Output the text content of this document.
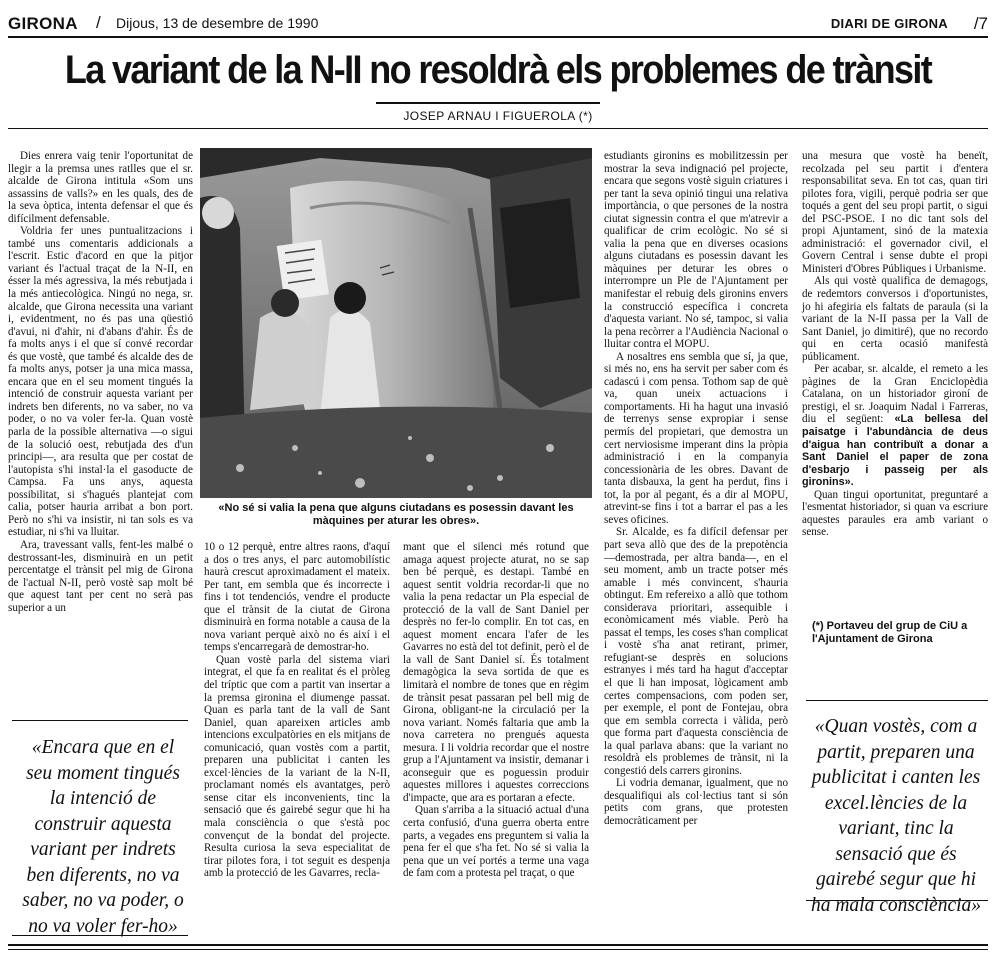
GIRONA / Dijous, 13 de desembre de 1990	DIARI DE GIRONA /7
La variant de la N-II no resoldrà els problemes de trànsit
JOSEP ARNAU I FIGUEROLA (*)

Dies enrera vaig tenir l'oportunitat de llegir a la premsa unes ratlles que el sr. alcalde de Girona intitula «Som uns assassins de valls?» en les quals, des de la seva òptica, intenta defensar el que és difícilment defensable.

Voldria fer unes puntualitzacions i també uns comentaris addicionals a l'escrit. Estic d'acord en que la pitjor variant és l'actual traçat de la N-II, en ésser la més agressiva, la més rebutjada i la més antiecològica. Ningú no nega, sr. alcalde, que Girona necessita una variant i, evidentment, no és pas una qüestió d'avui, ni d'ahir, ni d'abans d'ahir. És de fa molts anys i el que sí convé recordar és que vostè, que també és alcalde des de fa molts anys, potser ja una mica massa, encara que en el seu moment tingués la intenció de construir aquesta variant per indrets ben diferents, no va saber, no va poder, o no va voler fer-la. Quan vostè parla de la possible alternativa —o sigui de la solució oest, rebutjada des d'un principi—, ara resulta que per costat de l'autopista s'hi instal·la el gasoducte de Campsa. Fa uns anys, aquesta possibilitat, si s'hagués plantejat com calia, potser hauria arribat a bon port. Però no s'hi va insistir, ni tan sols es va estudiar, ni s'hi va lluitar.

Ara, travessant valls, fent-les malbé o destrossant-les, disminuirà en un petit percentatge el trànsit pel mig de Girona de l'actual N-II, però vostè sap molt bé que aquest tant per cent no serà pas superior a un

«Encara que en el seu moment tingués la intenció de construir aquesta variant per indrets ben diferents, no va saber, no va poder, o no va voler fer-ho»
«No sé si valia la pena que alguns ciutadans es posessin davant les màquines per aturar les obres».

10 o 12 perquè, entre altres raons, d'aquí a dos o tres anys, el parc automobilístic haurà crescut aproximadament el mateix. Per tant, em sembla que és incorrecte i fins i tot tendenciós, vendre el producte que el trànsit de la ciutat de Girona disminuirà en forma notable a causa de la nova variant perquè això no és així i el temps s'encarregarà de demostrar-ho.

Quan vostè parla del sistema viari integrat, el que fa en realitat és el pròleg del tríptic que com a partit van insertar a la premsa gironina el diumenge passat. Quan es parla tant de la vall de Sant Daniel, quan apareixen articles amb intencions exculpatòries en els mitjans de comunicació, quan vostès com a partit, preparen una publicitat i canten les excel·lències de la variant de la N-II, proclamant només els avantatges, però sense citar els inconvenients, tinc la sensació que és gairebé segur que hi ha mala consciència o que s'està poc convençut de la bondat del projecte. Resulta curiosa la seva especialitat de tirar pilotes fora, i tot seguit es despenja amb la protecció de les Gavarres, recla-

mant que el silenci més rotund que amaga aquest projecte aturat, no se sap ben bé perquè, es destapi. També en aquest sentit voldria recordar-li que no valia la pena redactar un Pla especial de protecció de la vall de Sant Daniel per desprès no fer-lo complir. En tot cas, en aquest moment encara l'afer de les Gavarres no està del tot definit, però el de la vall de Sant Daniel sí. És totalment demagògica la seva sortida de que es limitarà el nombre de tones que en règim de trànsit pesat passaran pel bell mig de Girona, obligant-ne la circulació per la nova variant. Només faltaria que amb la nova carretera no prengués aquesta mesura. I li voldria recordar que el nostre grup a l'Ajuntament va insistir, demanar i aconseguir que es poguessin produir aquestes millores i aquestes correccions d'impacte, que ara es portaran a efecte.

Quan s'arriba a la situació actual d'una certa confusió, d'una guerra oberta entre parts, a vegades ens preguntem si valia la pena fer el que s'ha fet. No sé si valia la pena que un veí portés a terme una vaga de fam com a protesta pel traçat, o que

estudiants gironins es mobilitzessin per mostrar la seva indignació pel projecte, encara que segons vostè siguin criatures i per tant la seva opinió tingui una relativa importància, o que persones de la nostra ciutat signessin contra el que m'atrevir a qualificar de crim ecològic. No sé si valia la pena que en diverses ocasions alguns ciutadans es posessin davant les màquines per deturar les obres o interrompre un Ple de l'Ajuntament per manifestar el rebuig dels gironins envers la construcció específica i concreta d'aquesta variant. No sé, tampoc, si valia la pena recòrrer a l'Audiència Nacional o lluitar contra el MOPU.

A nosaltres ens sembla que sí, ja que, si més no, ens ha servit per saber com és cadascú i com pensa. Tothom sap de què va, quan uneix actuacions i comportaments. Hi ha hagut una invasió de terrenys sense expropiar i sense permís del propietari, que demostra un cert nerviosisme imperant dins la pròpia administració i en la companyia concessionària de les obres. Davant de tanta disbauxa, la gent ha perdut, fins i tot, la por al pegant, és a dir al MOPU, atrevint-se fins i tot a barrar el pas a les seves oficines.

Sr. Alcalde, es fa difícil defensar per part seva allò que des de la prepotència —demostrada, per altra banda—, en el seu moment, amb un tracte potser més amable i més convincent, s'hauria obtingut. Em refereixo a allò que tothom considerava prioritari, assequible i econòmicament més viable. Però ha passat el temps, les coses s'han complicat i vostè s'ha anat retirant, primer, refugiant-se desprès en solucions estranyes i més tard ha hagut d'acceptar el que li han imposat, lògicament amb certes compensacions, com poden ser, per exemple, el pont de Fontejau, obra que em sembla correcta i vàlida, però que forma part d'aquesta consciència de la qual parlava abans: que la variant no resoldrà els problemes de trànsit, ni la congestió dels carrers gironins.

Li vodria demanar, igualment, que no desqualifiqui als col·lectius tant si són petits com grans, que protesten democràticament per

una mesura que vostè ha beneït, recolzada pel seu partit i d'entera responsabilitat seva. En tot cas, quan tiri pilotes fora, vigili, perquè podria ser que toqués a gent del seu propi partit, o sigui del PSC-PSOE. I no dic tant sols del propi Ajuntament, sinó de la matexia administració: el governador civil, el Govern Central i sense dubte el propi Ministeri d'Obres Públiques i Urbanisme.

Als qui vostè qualifica de demagogs, de redemtors conversos i d'oportunistes, jo hi afegiria els faltats de paraula (si la variant de la N-II passa per la Vall de Sant Daniel, jo dimitiré), que no recordo qui en certa ocasió manifestà públicament.

Per acabar, sr. alcalde, el remeto a les pàgines de la Gran Enciclopèdia Catalana, on un historiador gironí de prestigi, el sr. Joaquim Nadal i Farreras, diu el següent: «La bellesa del paisatge i l'abundància de deus d'aigua han contribuït a donar a Sant Daniel el paper de zona d'esbarjo i passeig per als gironins».

Quan tingui oportunitat, preguntaré a l'esmentat historiador, si quan va escriure aquestes paraules era amb variant o sense.

(*) Portaveu del grup de CiU a l'Ajuntament de Girona
«Quan vostès, com a partit, preparen una publicitat i canten les excel.lències de la variant, tinc la sensació que és gairebé segur que hi ha mala consciència»
